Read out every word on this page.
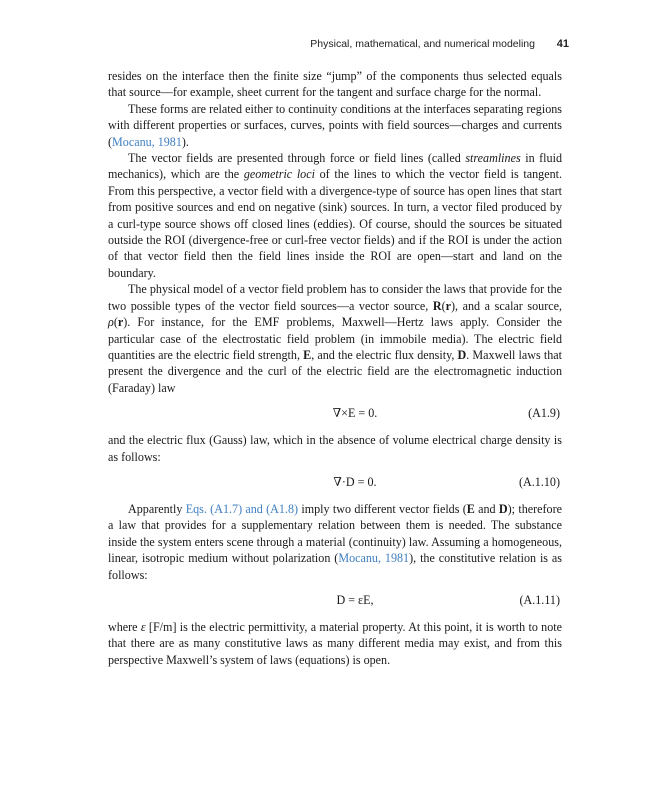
Physical, mathematical, and numerical modeling 41

resides on the interface then the finite size “jump” of the components thus selected equals that source—for example, sheet current for the tangent and surface charge for the normal.

These forms are related either to continuity conditions at the interfaces separating regions with different properties or surfaces, curves, points with field sources—charges and currents (Mocanu, 1981).

The vector fields are presented through force or field lines (called streamlines in fluid mechanics), which are the geometric loci of the lines to which the vector field is tangent. From this perspective, a vector field with a divergence-type of source has open lines that start from positive sources and end on negative (sink) sources. In turn, a vector filed produced by a curl-type source shows off closed lines (eddies). Of course, should the sources be situated outside the ROI (divergence-free or curl-free vector fields) and if the ROI is under the action of that vector field then the field lines inside the ROI are open—start and land on the boundary.

The physical model of a vector field problem has to consider the laws that provide for the two possible types of the vector field sources—a vector source, R(r), and a scalar source, ρ(r). For instance, for the EMF problems, Maxwell—Hertz laws apply. Consider the particular case of the electrostatic field problem (in immobile media). The electric field quantities are the electric field strength, E, and the electric flux density, D. Maxwell laws that present the divergence and the curl of the electric field are the electromagnetic induction (Faraday) law

∇×E = 0.	(A1.9)

and the electric flux (Gauss) law, which in the absence of volume electrical charge density is as follows:

∇·D = 0.	(A.1.10)

Apparently Eqs. (A1.7) and (A1.8) imply two different vector fields (E and D); therefore a law that provides for a supplementary relation between them is needed. The substance inside the system enters scene through a material (continuity) law. Assuming a homogeneous, linear, isotropic medium without polarization (Mocanu, 1981), the constitutive relation is as follows:

D = εE,	(A.1.11)

where ε [F/m] is the electric permittivity, a material property. At this point, it is worth to note that there are as many constitutive laws as many different media may exist, and from this perspective Maxwell’s system of laws (equations) is open.
